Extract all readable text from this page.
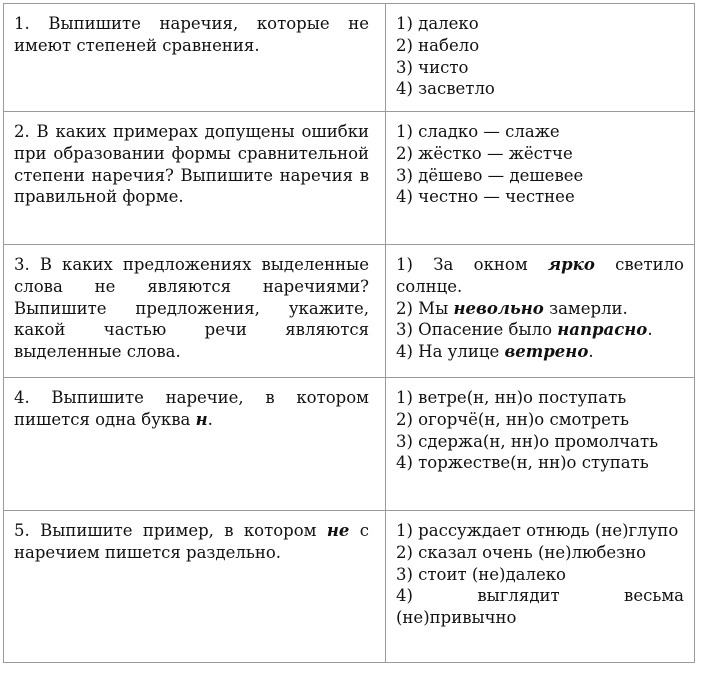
1. Выпишите наречия, которые не имеют степеней сравнения.	1) далеко
2) набело
3) чисто
4) засветло

2. В каких примерах допущены ошибки при образовании формы сравнительной степени наречия? Выпишите наречия в правильной форме.	1) сладко — слаже
2) жёстко — жёстче
3) дёшево — дешевее
4) честно — честнее

3. В каких предложениях выделенные слова не являются наречиями? Выпишите предложения, укажите, какой частью речи являются выделенные слова.	1) За окном ярко светило солнце.
2) Мы невольно замерли.
3) Опасение было напрасно.
4) На улице ветрено.

4. Выпишите наречие, в котором пишется одна буква н.	1) ветре(н, нн)о поступать
2) огорчё(н, нн)о смотреть
3) сдержа(н, нн)о промолчать
4) торжестве(н, нн)о ступать

5. Выпишите пример, в котором не с наречием пишется раздельно.	1) рассуждает отнюдь (не)глупо
2) сказал очень (не)любезно
3) стоит (не)далеко
4) выглядит весьма (не)привычно
